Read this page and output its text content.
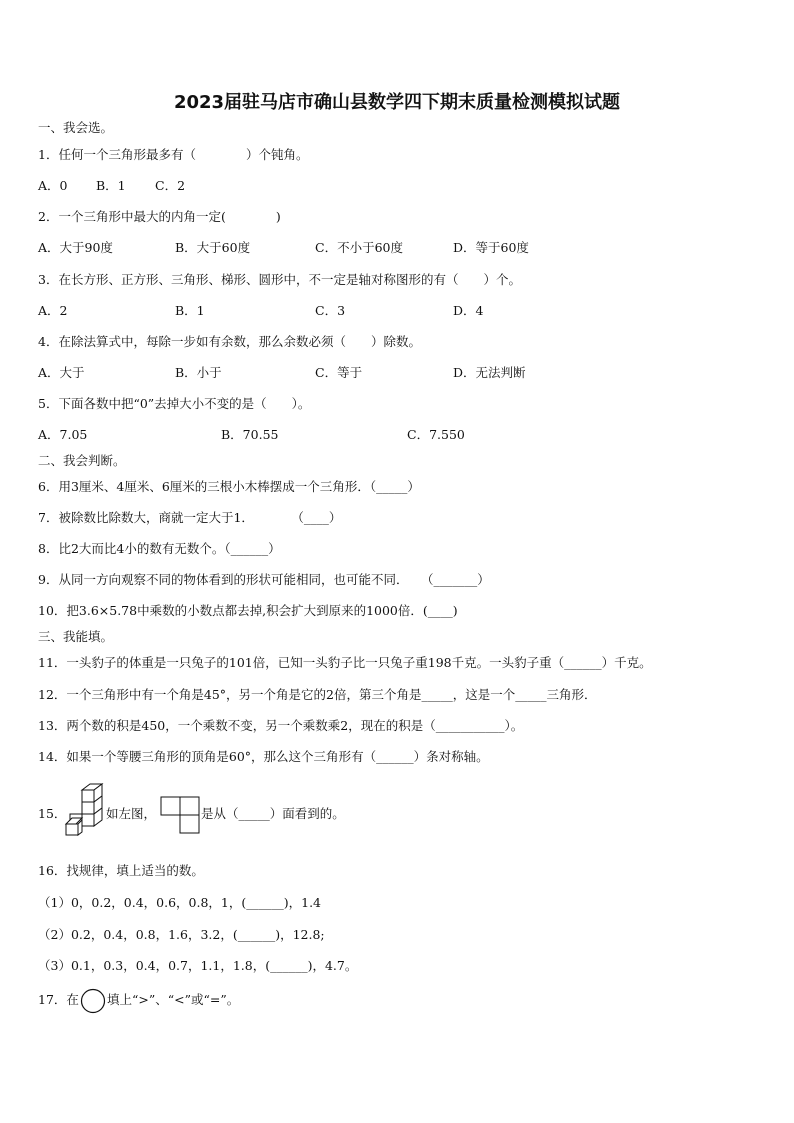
2023届驻马店市确山县数学四下期末质量检测模拟试题
一、我会选。
1．任何一个三角形最多有（　　　　）个钝角。
A．0 B．1 C．2
2．一个三角形中最大的内角一定(　　　　)
A．大于90度	B．大于60度	C．不小于60度	D．等于60度
3．在长方形、正方形、三角形、梯形、圆形中，不一定是轴对称图形的有（　　）个。
A．2	B．1	C．3	D．4
4．在除法算式中，每除一步如有余数，那么余数必须（　　）除数。
A．大于	B．小于	C．等于	D．无法判断
5．下面各数中把“0”去掉大小不变的是（　　）。
A．7.05	B．70.55	C．7.550
二、我会判断。
6．用3厘米、4厘米、6厘米的三根小木棒摆成一个三角形．（_____）
7．被除数比除数大，商就一定大于1．　　　　（____）
8．比2大而比4小的数有无数个。（______）
9．从同一方向观察不同的物体看到的形状可能相同，也可能不同．　　（_______）
10．把3.6×5.78中乘数的小数点都去掉,积会扩大到原来的1000倍．(____)
三、我能填。
11．一头豹子的体重是一只兔子的101倍，已知一头豹子比一只兔子重198千克。一头豹子重（______）千克。
12．一个三角形中有一个角是45°，另一个角是它的2倍，第三个角是_____，这是一个_____三角形．
13．两个数的积是450，一个乘数不变，另一个乘数乘2，现在的积是（___________）。
14．如果一个等腰三角形的顶角是60°，那么这个三角形有（______）条对称轴。
15．	如左图，	是从（_____）面看到的。
16．找规律，填上适当的数。
（1）0，0.2，0.4，0.6，0.8，1，(______)，1.4
（2）0.2，0.4，0.8，1.6，3.2，(______)，12.8;
（3）0.1，0.3，0.4，0.7，1.1，1.8，(______)，4.7。
17．在 填上“>”、“<”或“=”。
